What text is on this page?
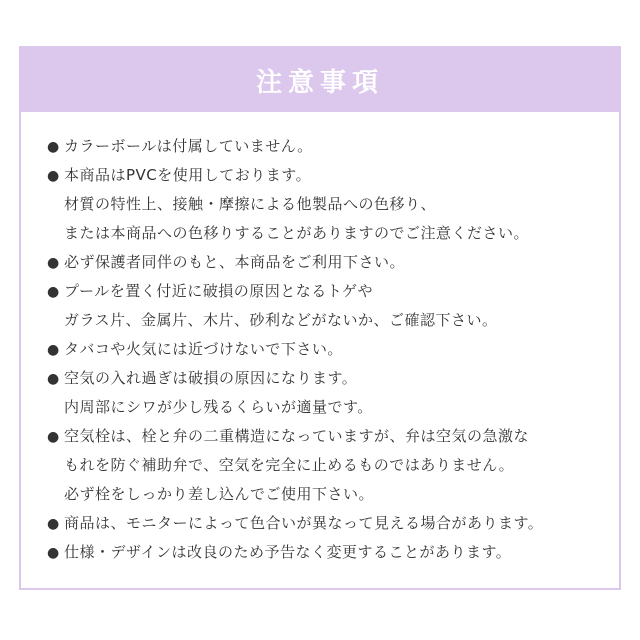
注意事項
● カラーボールは付属していません。
● 本商品はPVCを使用しております。
材質の特性上、接触・摩擦による他製品への色移り、
または本商品への色移りすることがありますのでご注意ください。
● 必ず保護者同伴のもと、本商品をご利用下さい。
● プールを置く付近に破損の原因となるトゲや
ガラス片、金属片、木片、砂利などがないか、ご確認下さい。
● タバコや火気には近づけないで下さい。
● 空気の入れ過ぎは破損の原因になります。
内周部にシワが少し残るくらいが適量です。
● 空気栓は、栓と弁の二重構造になっていますが、弁は空気の急激な
もれを防ぐ補助弁で、空気を完全に止めるものではありません。
必ず栓をしっかり差し込んでご使用下さい。
● 商品は、モニターによって色合いが異なって見える場合があります。
● 仕様・デザインは改良のため予告なく変更することがあります。
